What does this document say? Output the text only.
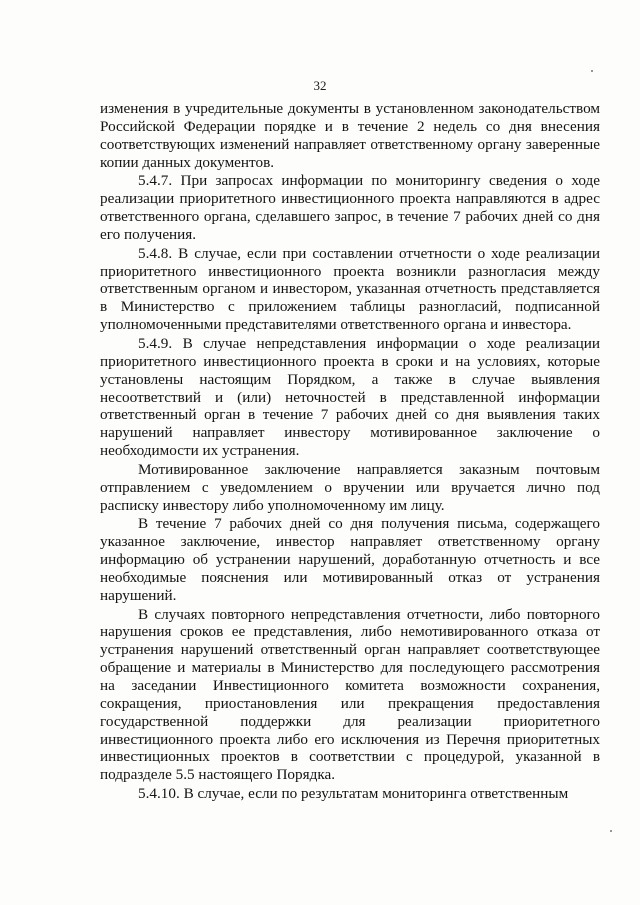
32

изменения в учредительные документы в установленном законодательством Российской Федерации порядке и в течение 2 недель со дня внесения соответствующих изменений направляет ответственному органу заверенные копии данных документов.

5.4.7. При запросах информации по мониторингу сведения о ходе реализации приоритетного инвестиционного проекта направляются в адрес ответственного органа, сделавшего запрос, в течение 7 рабочих дней со дня его получения.

5.4.8. В случае, если при составлении отчетности о ходе реализации приоритетного инвестиционного проекта возникли разногласия между ответственным органом и инвестором, указанная отчетность представляется в Министерство с приложением таблицы разногласий, подписанной уполномоченными представителями ответственного органа и инвестора.

5.4.9. В случае непредставления информации о ходе реализации приоритетного инвестиционного проекта в сроки и на условиях, которые установлены настоящим Порядком, а также в случае выявления несоответствий и (или) неточностей в представленной информации ответственный орган в течение 7 рабочих дней со дня выявления таких нарушений направляет инвестору мотивированное заключение о необходимости их устранения.

Мотивированное заключение направляется заказным почтовым отправлением с уведомлением о вручении или вручается лично под расписку инвестору либо уполномоченному им лицу.

В течение 7 рабочих дней со дня получения письма, содержащего указанное заключение, инвестор направляет ответственному органу информацию об устранении нарушений, доработанную отчетность и все необходимые пояснения или мотивированный отказ от устранения нарушений.

В случаях повторного непредставления отчетности, либо повторного нарушения сроков ее представления, либо немотивированного отказа от устранения нарушений ответственный орган направляет соответствующее обращение и материалы в Министерство для последующего рассмотрения на заседании Инвестиционного комитета возможности сохранения, сокращения, приостановления или прекращения предоставления государственной поддержки для реализации приоритетного инвестиционного проекта либо его исключения из Перечня приоритетных инвестиционных проектов в соответствии с процедурой, указанной в подразделе 5.5 настоящего Порядка.

5.4.10. В случае, если по результатам мониторинга ответственным
